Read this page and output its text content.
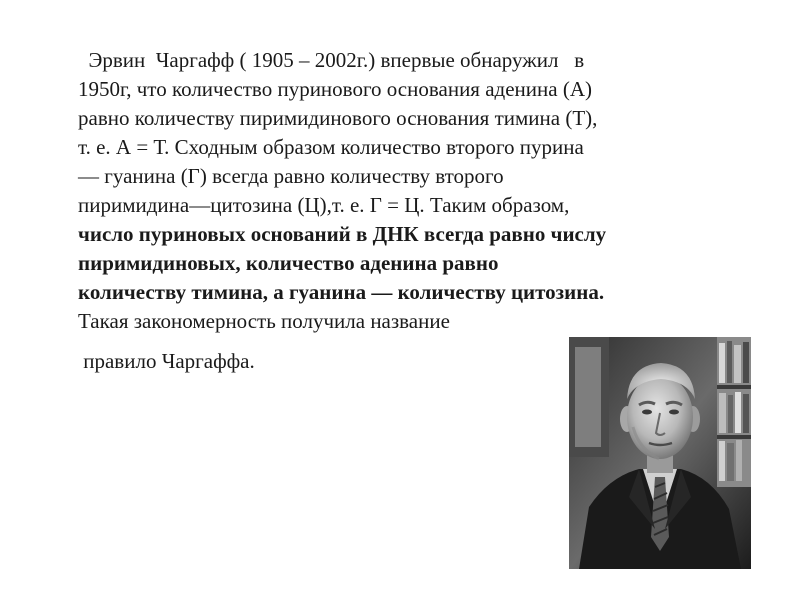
Эрвин  Чаргафф ( 1905 – 2002г.) впервые обнаружил   в
1950г, что количество пуринового основания аденина (А)
равно количеству пиримидинового основания тимина (Т),
т. е. А = Т. Сходным образом количество второго пурина
— гуанина (Г) всегда равно количеству второго
пиримидина—цитозина (Ц),т. е. Г = Ц. Таким образом,
число пуриновых оснований в ДНК всегда равно числу
пиримидиновых, количество аденина равно
количеству тимина, а гуанина — количеству цитозина.
Такая закономерность получила название
правило Чаргаффа.
